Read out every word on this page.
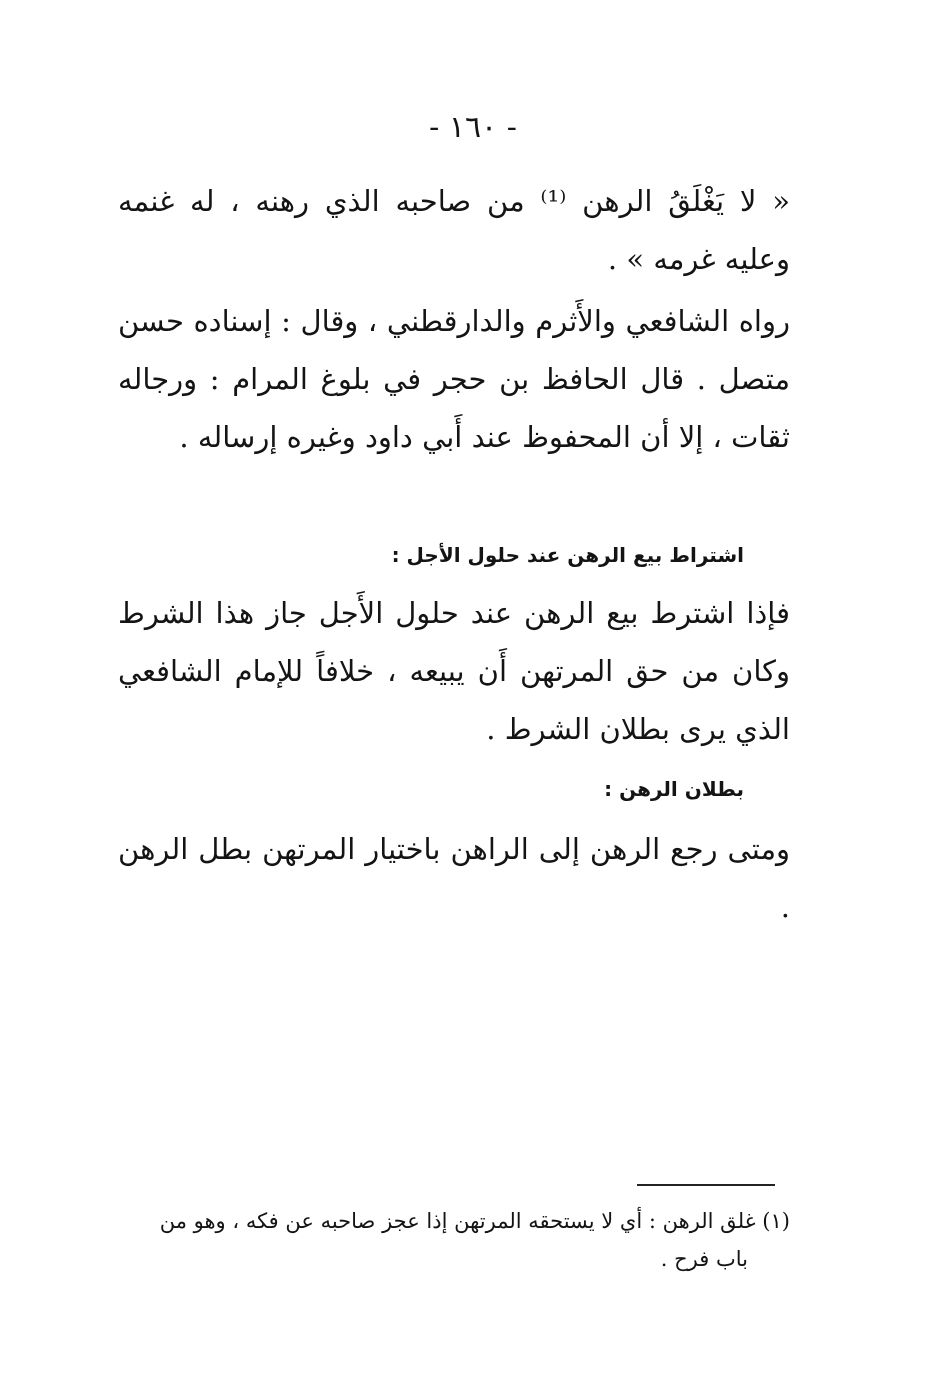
- ١٦٠ -

« لا يَغْلَقُ الرهن ⁽¹⁾ من صاحبه الذي رهنه ، له غنمه وعليه غرمه » .

رواه الشافعي والأَثرم والدارقطني ، وقال : إسناده حسن متصل . قال الحافظ بن حجر في بلوغ المرام : ورجاله ثقات ، إلا أن المحفوظ عند أَبي داود وغيره إرساله .

اشتراط بيع الرهن عند حلول الأجل :

فإذا اشترط بيع الرهن عند حلول الأَجل جاز هذا الشرط وكان من حق المرتهن أَن يبيعه ، خلافاً للإمام الشافعي الذي يرى بطلان الشرط .

بطلان الرهن :

ومتى رجع الرهن إلى الراهن باختيار المرتهن بطل الرهن .

(١) غلق الرهن : أي لا يستحقه المرتهن إذا عجز صاحبه عن فكه ، وهو من
باب فرح .
